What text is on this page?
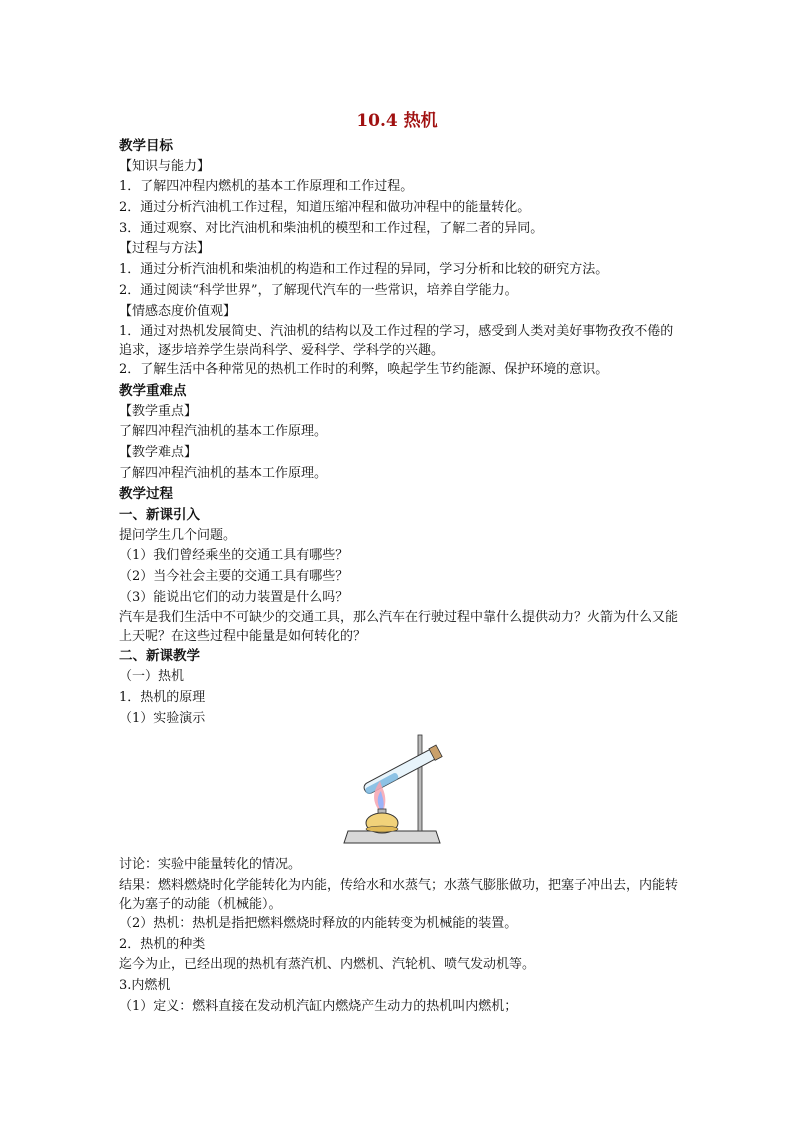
10.4 热机
教学目标
【知识与能力】
1．了解四冲程内燃机的基本工作原理和工作过程。
2．通过分析汽油机工作过程，知道压缩冲程和做功冲程中的能量转化。
3．通过观察、对比汽油机和柴油机的模型和工作过程，了解二者的异同。
【过程与方法】
1．通过分析汽油机和柴油机的构造和工作过程的异同，学习分析和比较的研究方法。
2．通过阅读“科学世界”，了解现代汽车的一些常识，培养自学能力。
【情感态度价值观】
1．通过对热机发展简史、汽油机的结构以及工作过程的学习，感受到人类对美好事物孜孜不倦的追求，逐步培养学生崇尚科学、爱科学、学科学的兴趣。
2．了解生活中各种常见的热机工作时的利弊，唤起学生节约能源、保护环境的意识。
教学重难点
【教学重点】
了解四冲程汽油机的基本工作原理。
【教学难点】
了解四冲程汽油机的基本工作原理。
教学过程
一、新课引入
提问学生几个问题。
（1）我们曾经乘坐的交通工具有哪些？
（2）当今社会主要的交通工具有哪些？
（3）能说出它们的动力装置是什么吗？
汽车是我们生活中不可缺少的交通工具，那么汽车在行驶过程中靠什么提供动力？火箭为什么又能上天呢？在这些过程中能量是如何转化的？
二、新课教学
（一）热机
1．热机的原理
（1）实验演示
讨论：实验中能量转化的情况。
结果：燃料燃烧时化学能转化为内能，传给水和水蒸气；水蒸气膨胀做功，把塞子冲出去，内能转化为塞子的动能（机械能）。
（2）热机：热机是指把燃料燃烧时释放的内能转变为机械能的装置。
2．热机的种类
迄今为止，已经出现的热机有蒸汽机、内燃机、汽轮机、喷气发动机等。
3.内燃机
（1）定义：燃料直接在发动机汽缸内燃烧产生动力的热机叫内燃机；
